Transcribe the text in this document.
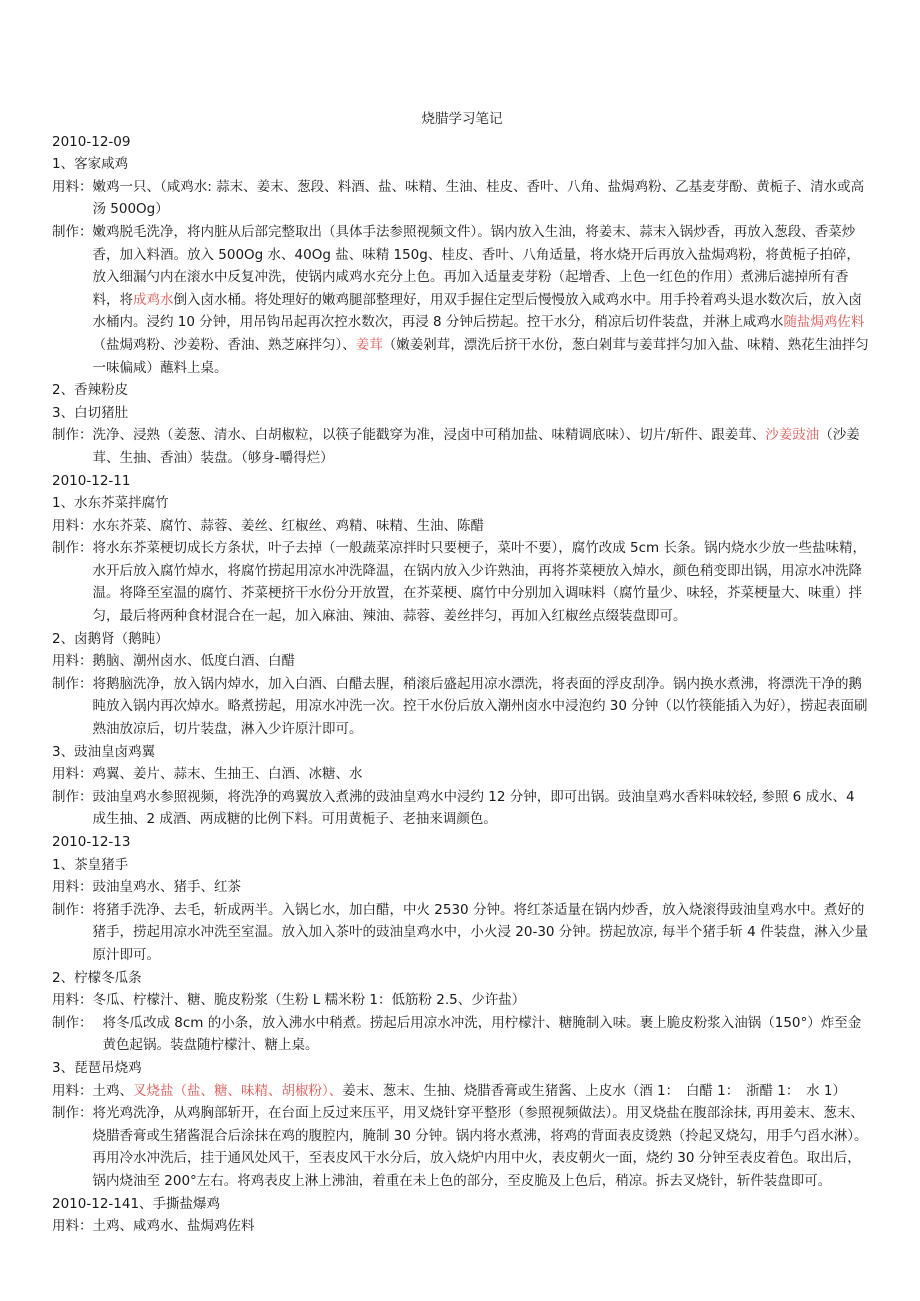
烧腊学习笔记

2010-12-09

1、客家咸鸡

用料： 嫩鸡一只、（咸鸡水: 蒜末、姜末、葱段、料酒、盐、味精、生油、桂皮、香叶、八角、盐焗鸡粉、乙基麦芽酚、黄栀子、清水或高汤 500Og）
制作： 嫩鸡脱毛洗净，将内脏从后部完整取出（具体手法参照视频文件）。锅内放入生油，将姜末、蒜末入锅炒香，再放入葱段、香菜炒香，加入料酒。放入 500Og 水、40Og 盐、味精 150g、桂皮、香叶、八角适量，将水烧开后再放入盐焗鸡粉，将黄栀子拍碎，放入细漏勺内在滚水中反复冲洗，使锅内咸鸡水充分上色。再加入适量麦芽粉（起增香、上色一红色的作用）煮沸后滤掉所有香料，将成鸡水倒入卤水桶。将处理好的嫩鸡腿部整理好，用双手握住定型后慢慢放入咸鸡水中。用手拎着鸡头退水数次后，放入卤水桶内。浸约 10 分钟，用吊钩吊起再次控水数次，再浸 8 分钟后捞起。控干水分，稍凉后切件装盘，并淋上咸鸡水随盐焗鸡佐料（盐焗鸡粉、沙姜粉、香油、熟芝麻拌匀）、姜茸（嫩姜剁茸，漂洗后挤干水份，葱白剁茸与姜茸拌匀加入盐、味精、熟花生油拌匀一味偏咸）蘸料上桌。

2、香辣粉皮

3、白切猪肚

制作： 洗净、浸熟（姜葱、清水、白胡椒粒，以筷子能戳穿为准，浸卤中可稍加盐、味精调底味）、切片/斩件、跟姜茸、沙姜豉油（沙姜茸、生抽、香油）装盘。（够身-嚼得烂）

2010-12-11

1、水东芥菜拌腐竹

用料： 水东芥菜、腐竹、蒜蓉、姜丝、红椒丝、鸡精、味精、生油、陈醋
制作： 将水东芥菜梗切成长方条状，叶子去掉（一般蔬菜凉拌时只要梗子，菜叶不要），腐竹改成 5cm 长条。锅内烧水少放一些盐味精，水开后放入腐竹焯水，将腐竹捞起用凉水冲洗降温，在锅内放入少许熟油，再将芥菜梗放入焯水，颜色稍变即出锅，用凉水冲洗降温。将降至室温的腐竹、芥菜梗挤干水份分开放置，在芥菜梗、腐竹中分别加入调味料（腐竹量少、味轻，芥菜梗量大、味重）拌匀，最后将两种食材混合在一起，加入麻油、辣油、蒜蓉、姜丝拌匀，再加入红椒丝点缀装盘即可。

2、卤鹅肾（鹅盹）

用料： 鹅脑、潮州卤水、低度白酒、白醋
制作： 将鹅脑洗净，放入锅内焯水，加入白酒、白醋去腥，稍滚后盛起用凉水漂洗，将表面的浮皮刮净。锅内换水煮沸，将漂洗干净的鹅盹放入锅内再次焯水。略煮捞起，用凉水冲洗一次。控干水份后放入潮州卤水中浸泡约 30 分钟（以竹筷能插入为好），捞起表面刷熟油放凉后，切片装盘，淋入少许原汁即可。

3、豉油皇卤鸡翼

用料： 鸡翼、姜片、蒜末、生抽王、白酒、冰糖、水
制作： 豉油皇鸡水参照视频，将洗净的鸡翼放入煮沸的豉油皇鸡水中浸约 12 分钟，即可出锅。豉油皇鸡水香料味较轻, 参照 6 成水、4 成生抽、2 成酒、两成糖的比例下料。可用黄栀子、老抽来调颜色。

2010-12-13

1、茶皇猪手

用料： 豉油皇鸡水、猪手、红茶
制作： 将猪手洗净、去毛，斩成两半。入锅匕水，加白醋，中火 2530 分钟。将红茶适量在锅内炒香，放入烧滚得豉油皇鸡水中。煮好的猪手，捞起用凉水冲洗至室温。放入加入茶叶的豉油皇鸡水中，小火浸 20-30 分钟。捞起放凉, 每半个猪手斩 4 件装盘，淋入少量原汁即可。

2、柠檬冬瓜条

用料： 冬瓜、柠檬汁、糖、脆皮粉浆（生粉 L 糯米粉 1：低筋粉 2.5、少许盐）
制作： 将冬瓜改成 8cm 的小条，放入沸水中稍煮。捞起后用凉水冲洗，用柠檬汁、糖腌制入味。裹上脆皮粉浆入油锅（150°）炸至金黄色起锅。装盘随柠檬汁、糖上桌。

3、琵琶吊烧鸡

用料： 土鸡、叉烧盐（盐、糖、味精、胡椒粉）、姜末、葱末、生抽、烧腊香膏或生猪酱、上皮水（酒 1：　白醋 1：　浙醋 1：　水 1）
制作： 将光鸡洗净，从鸡胸部斩开，在台面上反过来压平，用叉烧针穿平整形（参照视频做法）。用叉烧盐在腹部涂抹, 再用姜末、葱末、烧腊香膏或生猪酱混合后涂抹在鸡的腹腔内，腌制 30 分钟。锅内将水煮沸，将鸡的背面表皮烫熟（拎起叉烧勾，用手勺舀水淋）。再用冷水冲洗后，挂于通风处风干，至表皮风干水分后，放入烧炉内用中火，表皮朝火一面，烧约 30 分钟至表皮着色。取出后，锅内烧油至 200°左右。将鸡表皮上淋上沸油，着重在未上色的部分，至皮脆及上色后，稍凉。拆去叉烧针，斩件装盘即可。

2010-12-141、手撕盐爆鸡

用料： 土鸡、咸鸡水、盐焗鸡佐料
